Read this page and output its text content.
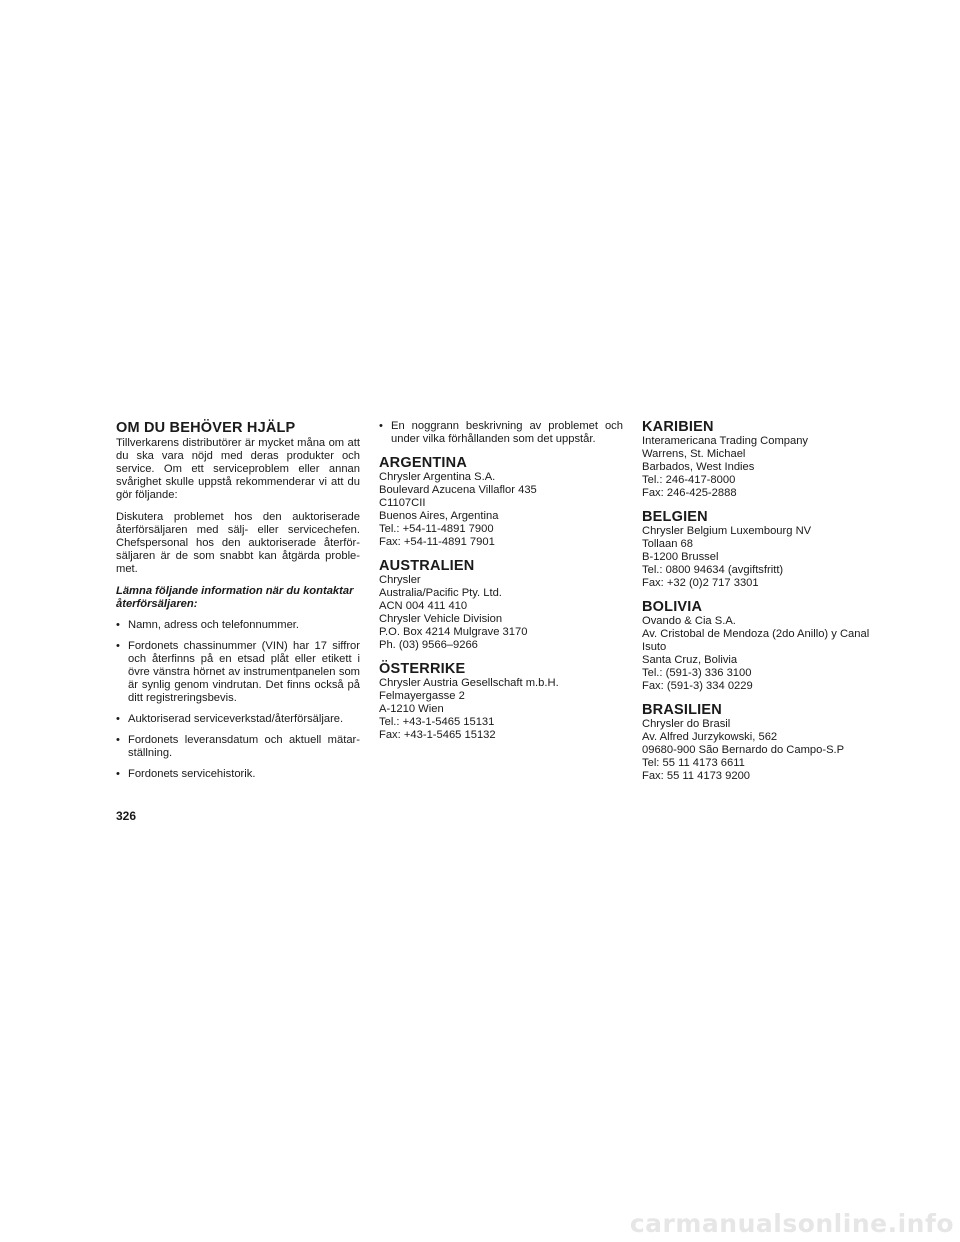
OM DU BEHÖVER HJÄLP

Tillverkarens distributörer är mycket måna om att du ska vara nöjd med deras produkter och service. Om ett serviceproblem eller annan svårighet skulle uppstå rekommenderar vi att du gör följande:

Diskutera problemet hos den auktoriserade återförsäljaren med sälj- eller servicechefen. Chefspersonal hos den auktoriserade återför- säljaren är de som snabbt kan åtgärda proble- met.

Lämna följande information när du kontaktar återförsäljaren:

• Namn, adress och telefonnummer.
• Fordonets chassinummer (VIN) har 17 siffror och återfinns på en etsad plåt eller etikett i övre vänstra hörnet av instrumentpanelen som är synlig genom vindrutan. Det finns också på ditt registreringsbevis.
• Auktoriserad serviceverkstad/återförsäljare.
• Fordonets leveransdatum och aktuell mätar- ställning.
• Fordonets servicehistorik.
• En noggrann beskrivning av problemet och under vilka förhållanden som det uppstår.
ARGENTINA
Chrysler Argentina S.A.
Boulevard Azucena Villaflor 435
C1107CII
Buenos Aires, Argentina
Tel.: +54-11-4891 7900
Fax: +54-11-4891 7901
AUSTRALIEN
Chrysler
Australia/Pacific Pty. Ltd.
ACN 004 411 410
Chrysler Vehicle Division
P.O. Box 4214 Mulgrave 3170
Ph. (03) 9566–9266
ÖSTERRIKE
Chrysler Austria Gesellschaft m.b.H.
Felmayergasse 2
A-1210 Wien
Tel.: +43-1-5465 15131
Fax: +43-1-5465 15132
KARIBIEN
Interamericana Trading Company
Warrens, St. Michael
Barbados, West Indies
Tel.: 246-417-8000
Fax: 246-425-2888
BELGIEN
Chrysler Belgium Luxembourg NV
Tollaan 68
B-1200 Brussel
Tel.: 0800 94634 (avgiftsfritt)
Fax: +32 (0)2 717 3301
BOLIVIA
Ovando & Cia S.A.
Av. Cristobal de Mendoza (2do Anillo) y Canal
Isuto
Santa Cruz, Bolivia
Tel.: (591-3) 336 3100
Fax: (591-3) 334 0229
BRASILIEN
Chrysler do Brasil
Av. Alfred Jurzykowski, 562
09680-900 São Bernardo do Campo-S.P
Tel: 55 11 4173 6611
Fax: 55 11 4173 9200
326
carmanualsonline.info
